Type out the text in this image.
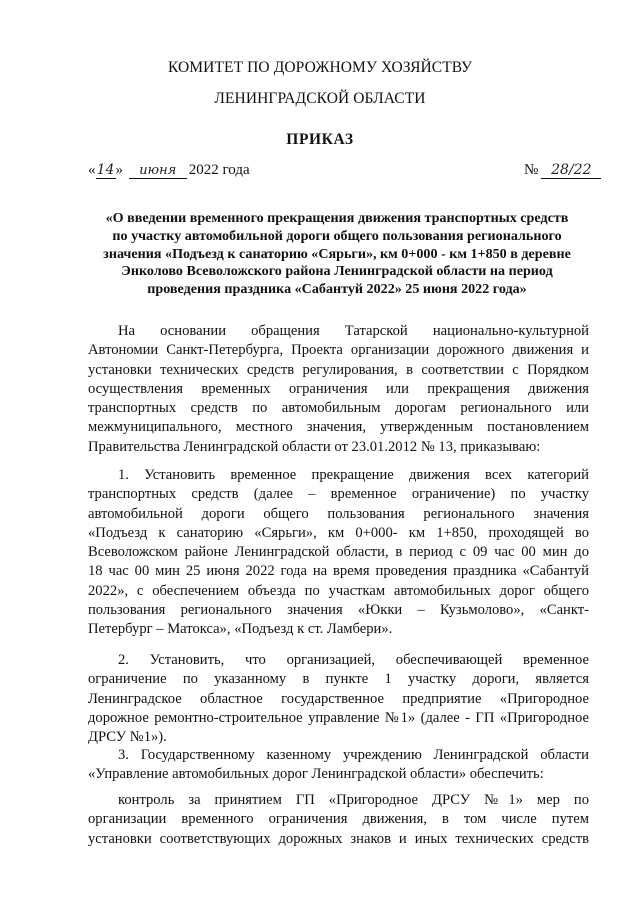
КОМИТЕТ ПО ДОРОЖНОМУ ХОЗЯЙСТВУ
ЛЕНИНГРАДСКОЙ ОБЛАСТИ
ПРИКАЗ
«14» июня 2022 года	№ 28/22
«О введении временного прекращения движения транспортных средств
по участку автомобильной дороги общего пользования регионального
значения «Подъезд к санаторию «Сярьги», км 0+000 - км 1+850 в деревне
Энколово Всеволожского района Ленинградской области на период
проведения праздника «Сабантуй 2022» 25 июня 2022 года»
На основании обращения Татарской национально-культурной
Автономии Санкт-Петербурга, Проекта организации дорожного движения и
установки технических средств регулирования, в соответствии с Порядком
осуществления временных ограничения или прекращения движения
транспортных средств по автомобильным дорогам регионального или
межмуниципального, местного значения, утвержденным постановлением
Правительства Ленинградской области от 23.01.2012 № 13, приказываю:
1. Установить временное прекращение движения всех категорий
транспортных средств (далее – временное ограничение) по участку
автомобильной дороги общего пользования регионального значения
«Подъезд к санаторию «Сярьги», км 0+000- км 1+850, проходящей во
Всеволожском районе Ленинградской области, в период с 09 час 00 мин до
18 час 00 мин 25 июня 2022 года на время проведения праздника «Сабантуй
2022», с обеспечением объезда по участкам автомобильных дорог общего
пользования регионального значения «Юкки – Кузьмолово», «Санкт-
Петербург – Матокса», «Подъезд к ст. Ламбери».
2. Установить, что организацией, обеспечивающей временное
ограничение по указанному в пункте 1 участку дороги, является
Ленинградское областное государственное предприятие «Пригородное
дорожное ремонтно-строительное управление №1» (далее - ГП «Пригородное
ДРСУ №1»).
3. Государственному казенному учреждению Ленинградской области
«Управление автомобильных дорог Ленинградской области» обеспечить:
контроль за принятием ГП «Пригородное ДРСУ №1» мер по
организации временного ограничения движения, в том числе путем
установки соответствующих дорожных знаков и иных технических средств
